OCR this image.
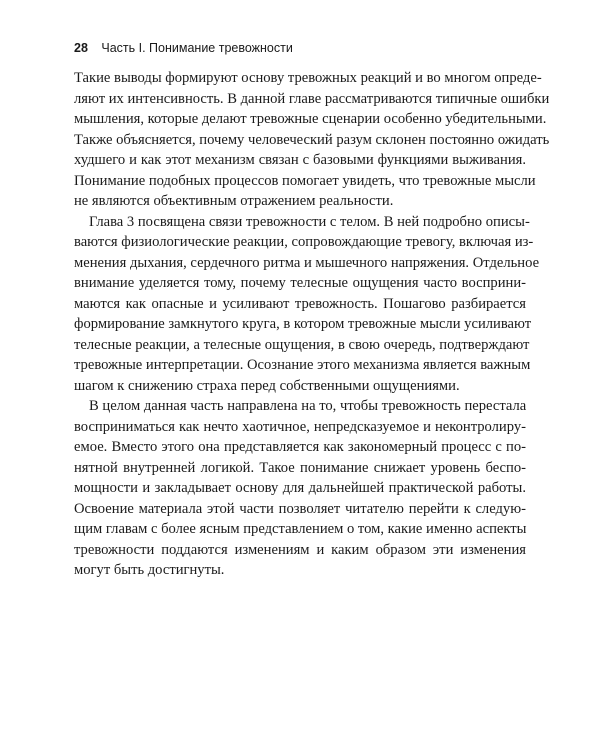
28 Часть I. Понимание тревожности
Такие выводы формируют основу тревожных реакций и во многом опреде-
ляют их интенсивность. В данной главе рассматриваются типичные ошибки
мышления, которые делают тревожные сценарии особенно убедительными.
Также объясняется, почему человеческий разум склонен постоянно ожидать
худшего и как этот механизм связан с базовыми функциями выживания.
Понимание подобных процессов помогает увидеть, что тревожные мысли
не являются объективным отражением реальности.
Глава 3 посвящена связи тревожности с телом. В ней подробно описы-
ваются физиологические реакции, сопровождающие тревогу, включая из-
менения дыхания, сердечного ритма и мышечного напряжения. Отдельное
внимание уделяется тому, почему телесные ощущения часто восприни-
маются как опасные и усиливают тревожность. Пошагово разбирается
формирование замкнутого круга, в котором тревожные мысли усиливают
телесные реакции, а телесные ощущения, в свою очередь, подтверждают
тревожные интерпретации. Осознание этого механизма является важным
шагом к снижению страха перед собственными ощущениями.
В целом данная часть направлена на то, чтобы тревожность перестала
восприниматься как нечто хаотичное, непредсказуемое и неконтролиру-
емое. Вместо этого она представляется как закономерный процесс с по-
нятной внутренней логикой. Такое понимание снижает уровень беспо-
мощности и закладывает основу для дальнейшей практической работы.
Освоение материала этой части позволяет читателю перейти к следую-
щим главам с более ясным представлением о том, какие именно аспекты
тревожности поддаются изменениям и каким образом эти изменения
могут быть достигнуты.
